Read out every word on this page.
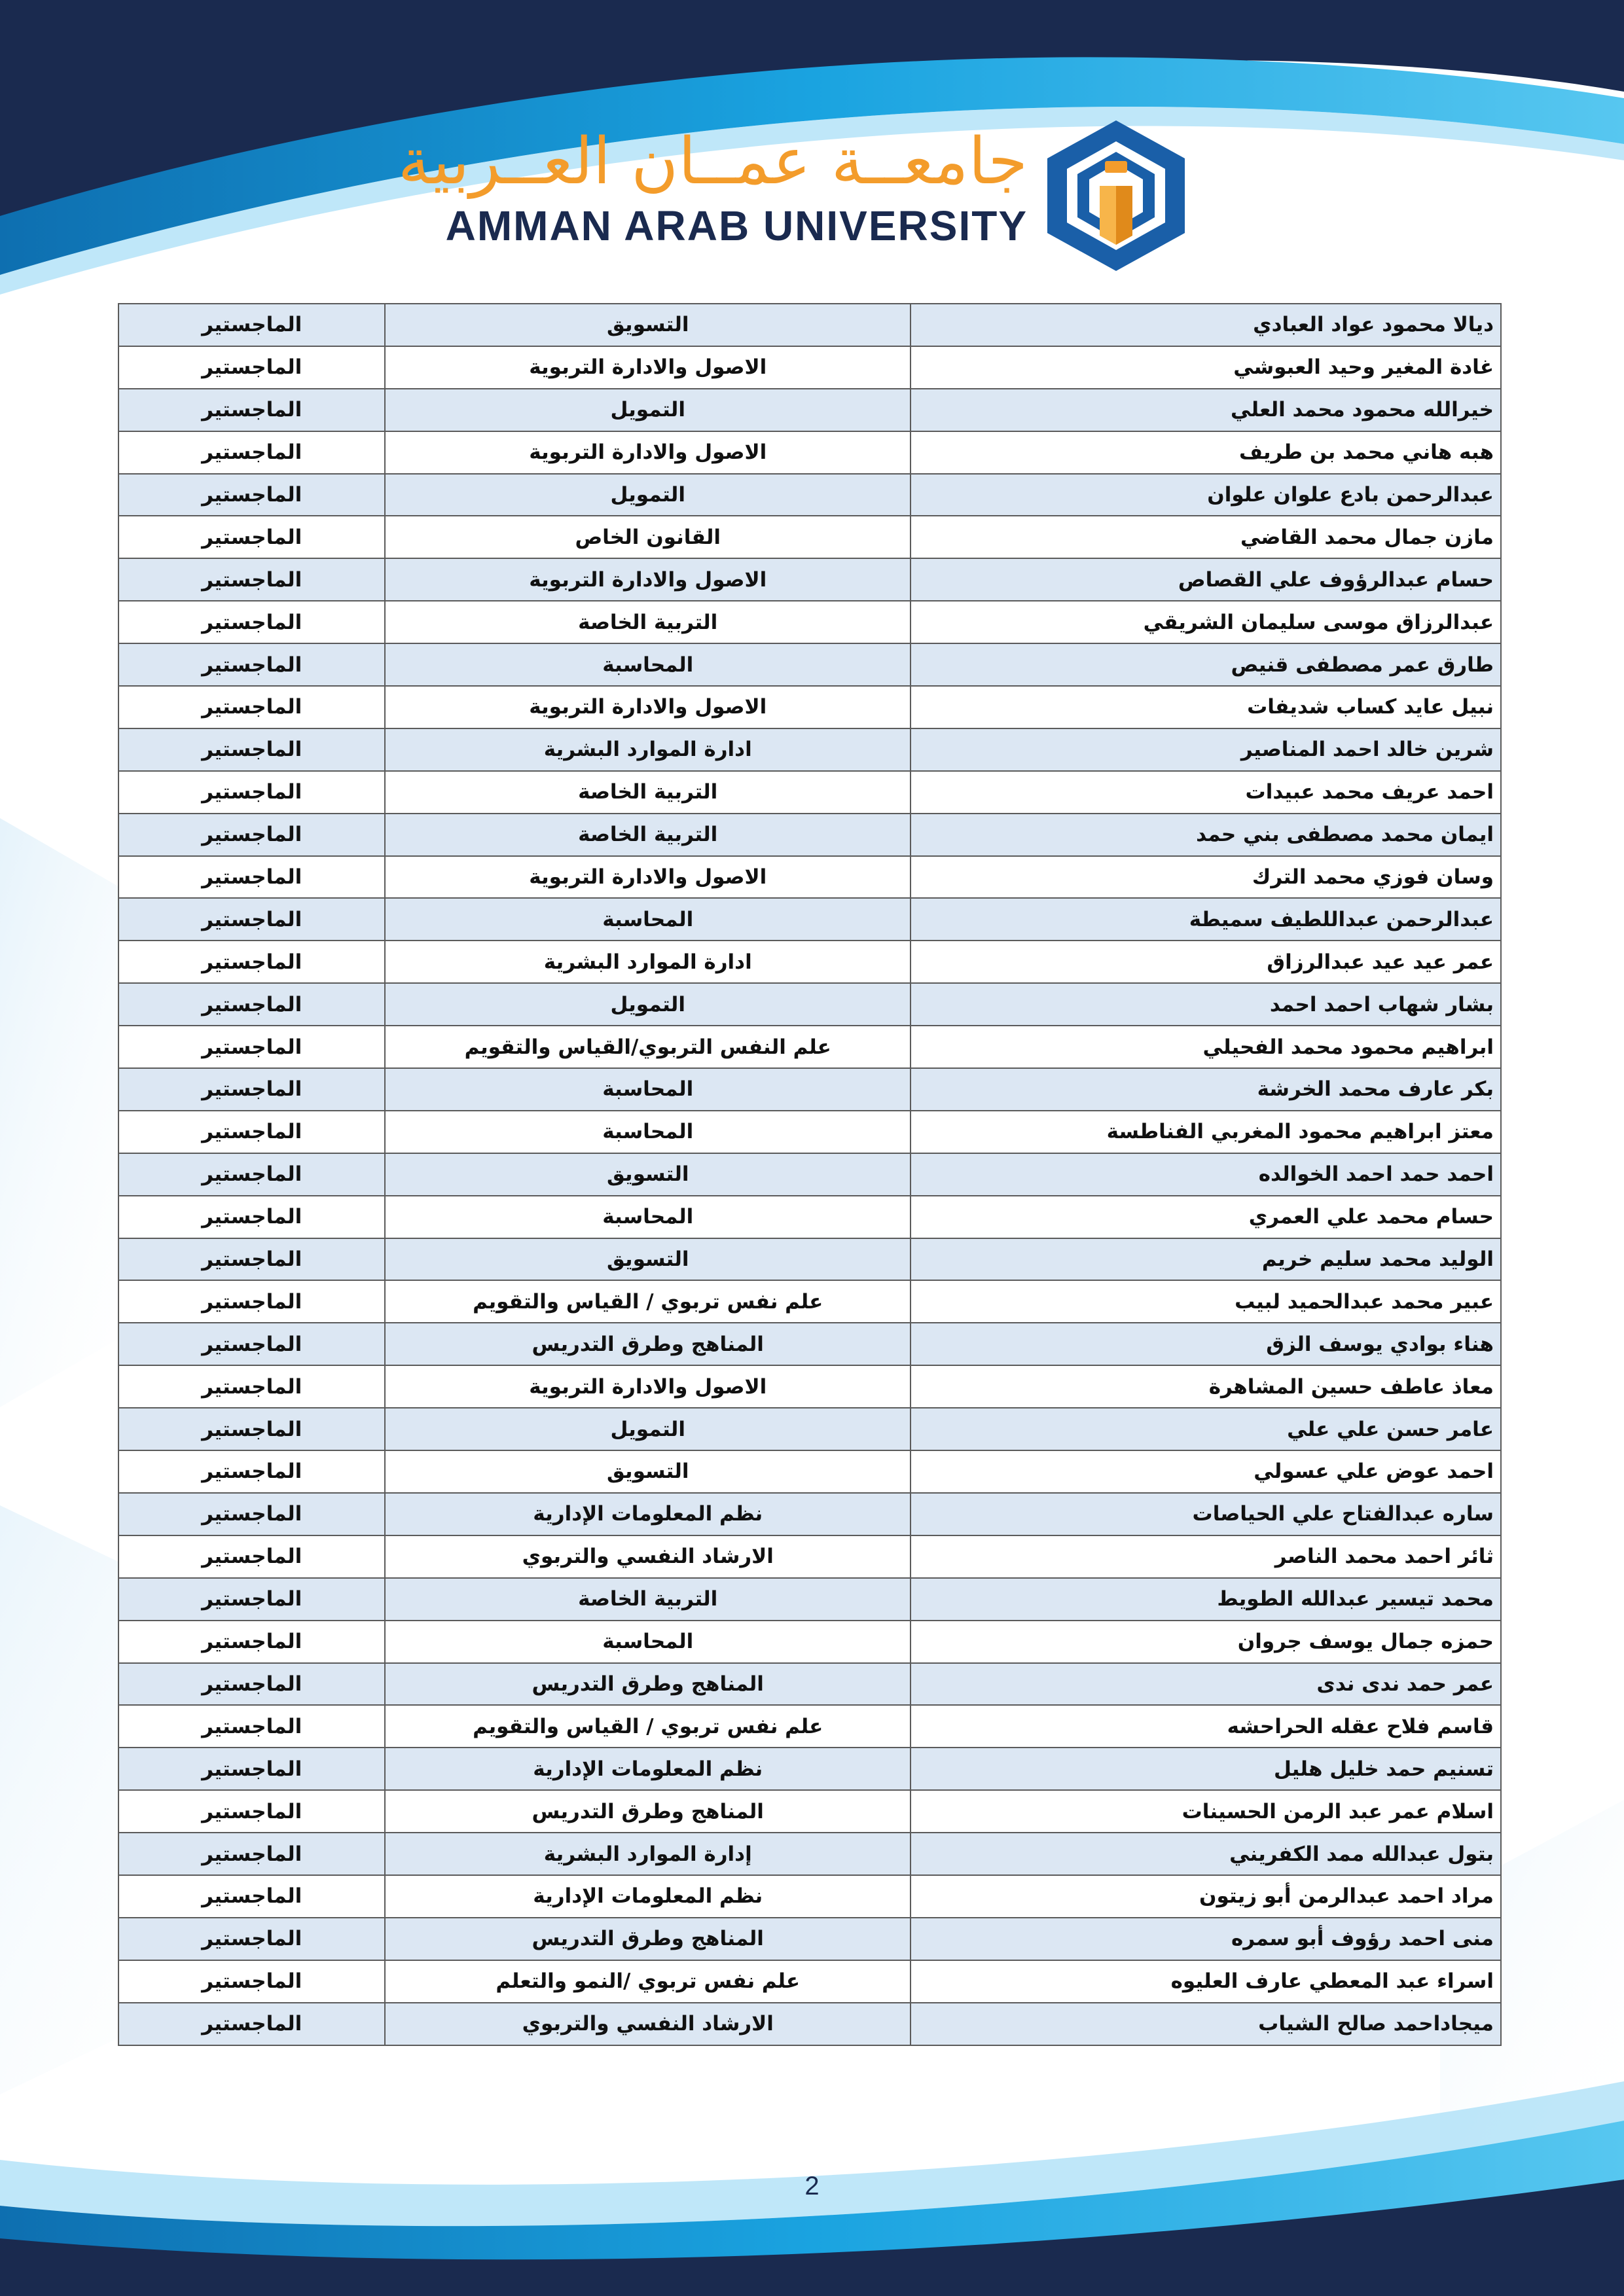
جامعــة عمــان العــربية
AMMAN ARAB UNIVERSITY
ديالا محمود عواد العبادي	التسويق	الماجستير
غادة المغير وحيد العبوشي	الاصول والادارة التربوية	الماجستير
خيرالله محمود محمد العلي	التمويل	الماجستير
هبه هاني محمد بن طريف	الاصول والادارة التربوية	الماجستير
عبدالرحمن بادع علوان علوان	التمويل	الماجستير
مازن جمال محمد القاضي	القانون الخاص	الماجستير
حسام عبدالرؤوف علي القصاص	الاصول والادارة التربوية	الماجستير
عبدالرزاق موسى سليمان الشريقي	التربية الخاصة	الماجستير
طارق عمر مصطفى قنيص	المحاسبة	الماجستير
نبيل عايد كساب شديفات	الاصول والادارة التربوية	الماجستير
شرين خالد احمد المناصير	ادارة الموارد البشرية	الماجستير
احمد عريف محمد عبيدات	التربية الخاصة	الماجستير
ايمان محمد مصطفى بني حمد	التربية الخاصة	الماجستير
وسان فوزي محمد الترك	الاصول والادارة التربوية	الماجستير
عبدالرحمن عبداللطيف سميطة	المحاسبة	الماجستير
عمر عيد عيد عبدالرزاق	ادارة الموارد البشرية	الماجستير
بشار شهاب احمد احمد	التمويل	الماجستير
ابراهيم محمود محمد الفحيلي	علم النفس التربوي/القياس والتقويم	الماجستير
بكر عارف محمد الخرشة	المحاسبة	الماجستير
معتز ابراهيم محمود المغربي الفناطسة	المحاسبة	الماجستير
احمد حمد احمد الخوالده	التسويق	الماجستير
حسام محمد علي العمري	المحاسبة	الماجستير
الوليد محمد سليم خريم	التسويق	الماجستير
عبير محمد عبدالحميد لبيب	علم نفس تربوي / القياس والتقويم	الماجستير
هناء بوادي يوسف الزق	المناهج وطرق التدريس	الماجستير
معاذ عاطف حسين المشاهرة	الاصول والادارة التربوية	الماجستير
عامر حسن علي علي	التمويل	الماجستير
احمد عوض علي عسولي	التسويق	الماجستير
ساره عبدالفتاح علي الحياصات	نظم المعلومات الإدارية	الماجستير
ثائر احمد محمد الناصر	الارشاد النفسي والتربوي	الماجستير
محمد تيسير عبدالله الطويط	التربية الخاصة	الماجستير
حمزه جمال يوسف جروان	المحاسبة	الماجستير
عمر حمد ندى ندى	المناهج وطرق التدريس	الماجستير
قاسم فلاح عقله الحراحشه	علم نفس تربوي / القياس والتقويم	الماجستير
تسنيم حمد خليل هليل	نظم المعلومات الإدارية	الماجستير
اسلام عمر عبد الرمن الحسينات	المناهج وطرق التدريس	الماجستير
بتول عبدالله ممد الكفريني	إدارة الموارد البشرية	الماجستير
مراد احمد عبدالرمن أبو زيتون	نظم المعلومات الإدارية	الماجستير
منى احمد رؤوف أبو سمره	المناهج وطرق التدريس	الماجستير
اسراء عبد المعطي عارف العليوه	علم نفس تربوي /النمو والتعلم	الماجستير
ميجاداحمد صالح الشياب	الارشاد النفسي والتربوي	الماجستير
2
